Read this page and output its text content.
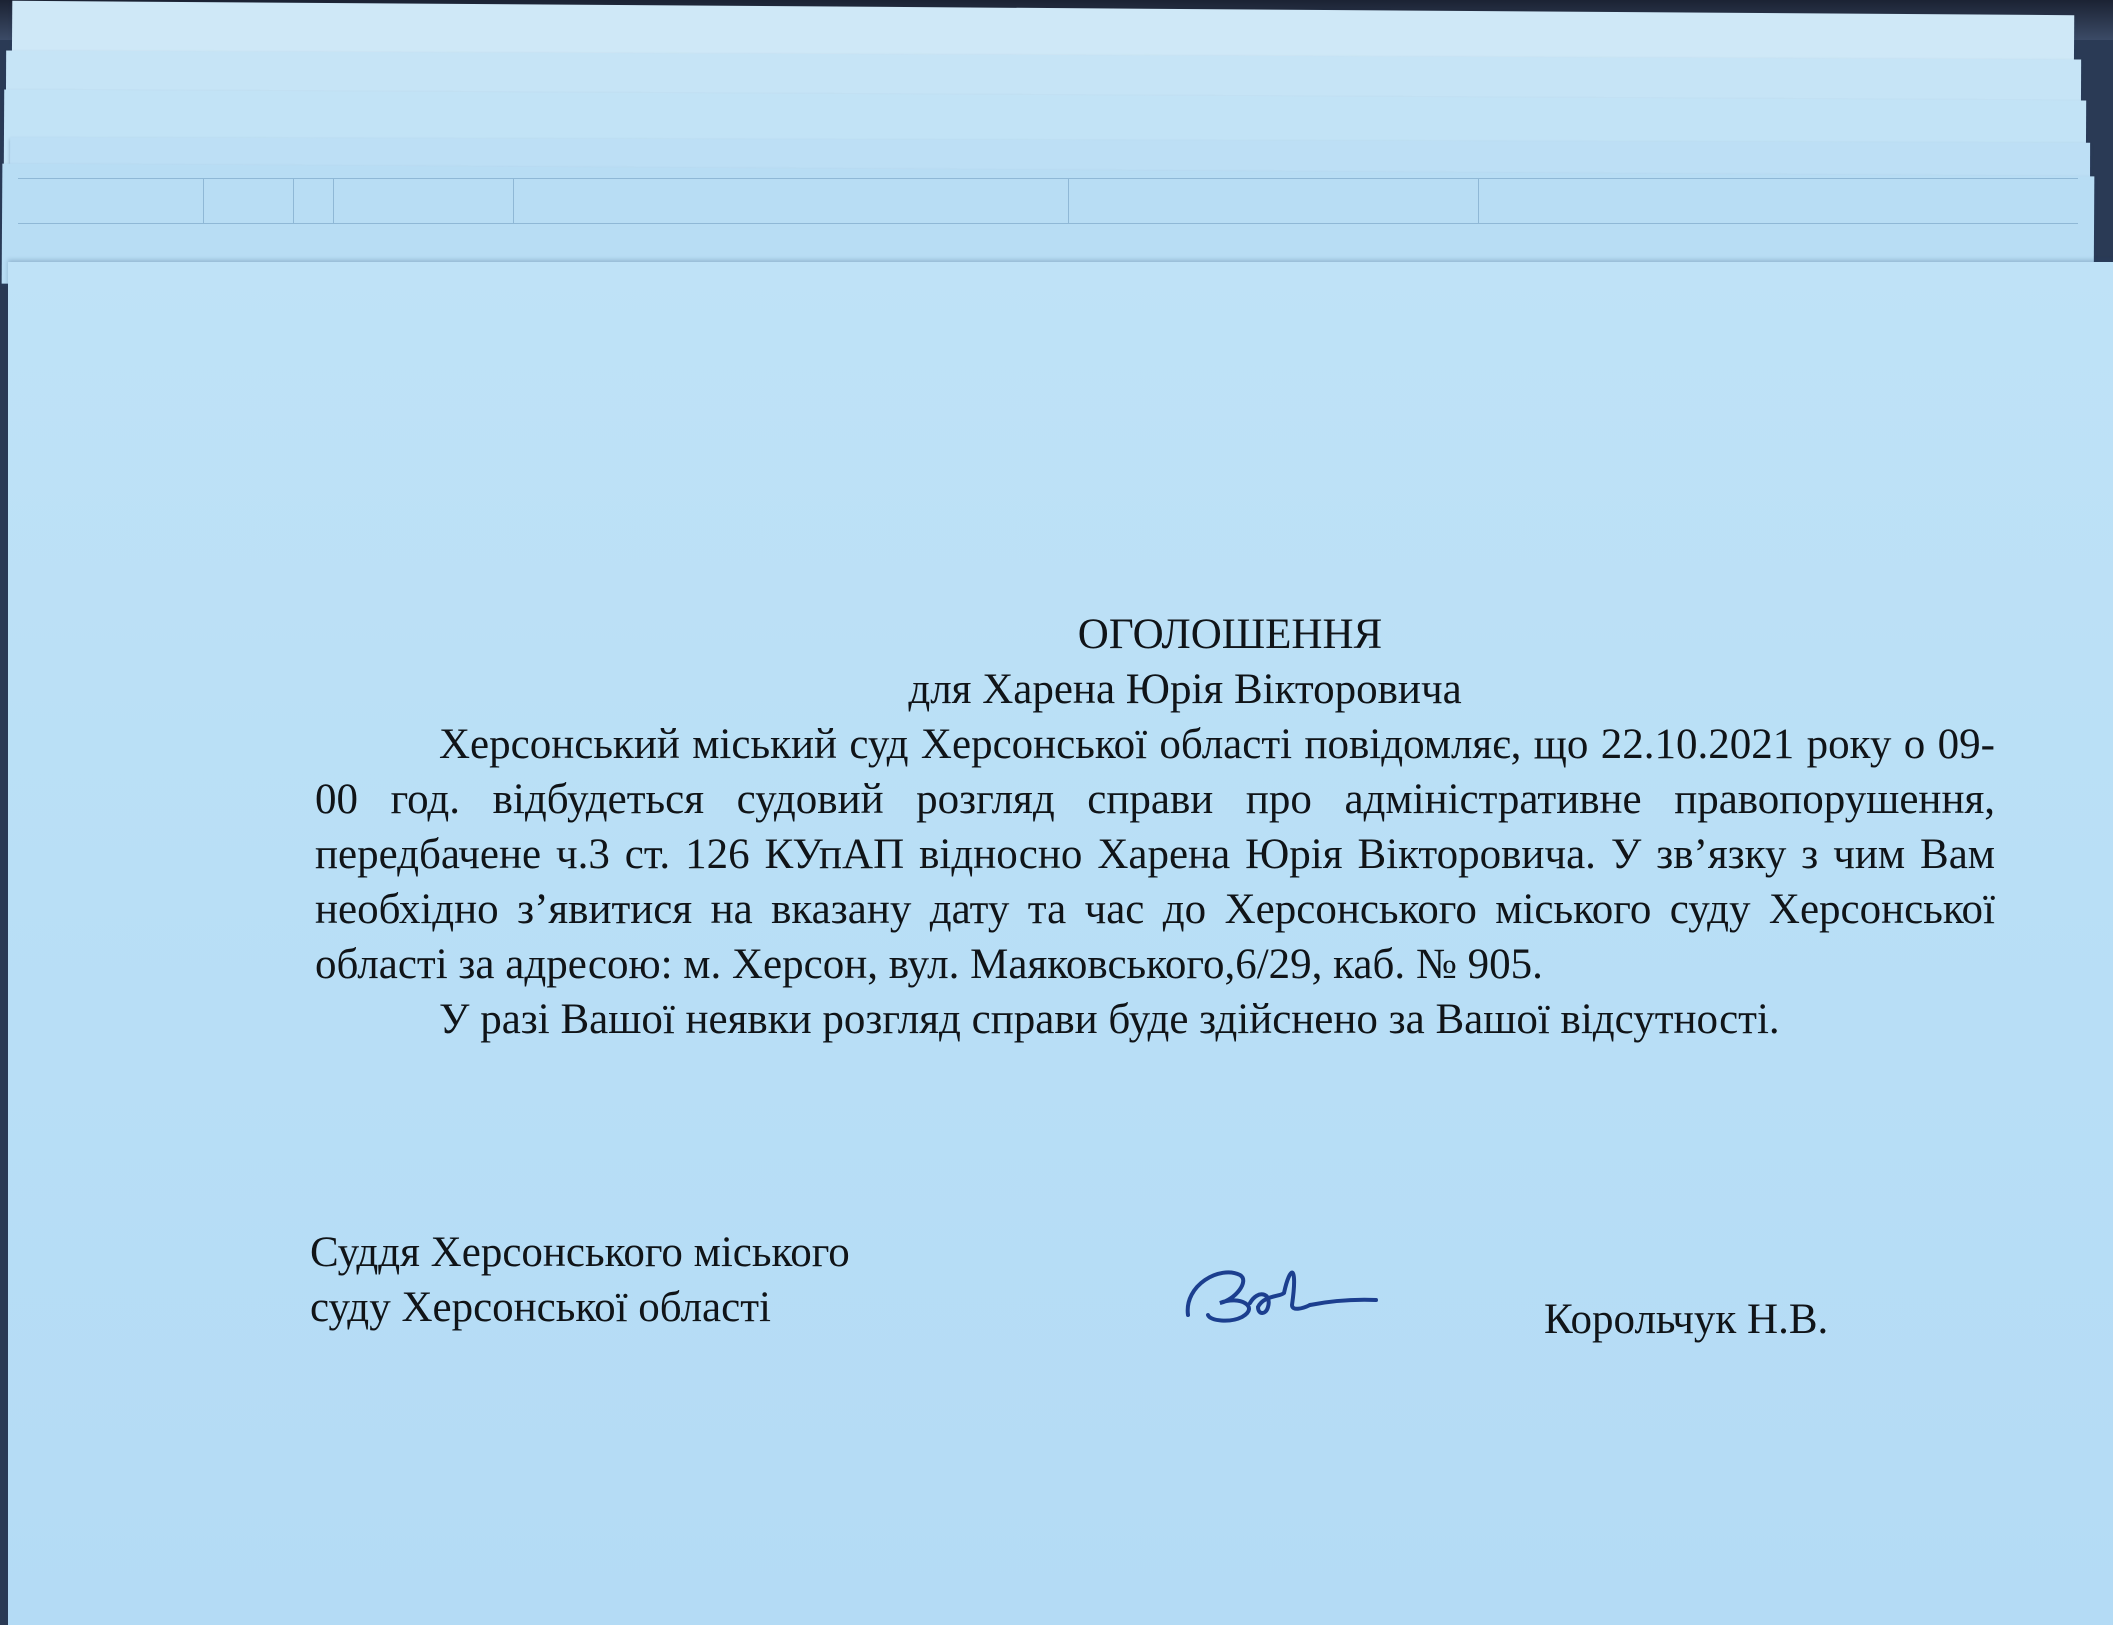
ОГОЛОШЕННЯ

для Харена Юрія Вікторовича

Херсонський міський суд Херсонської області повідомляє, що 22.10.2021 року о 09-00 год. відбудеться судовий розгляд справи про адміністративне правопорушення, передбачене ч.3 ст. 126 КУпАП відносно Харена Юрія Вікторовича. У зв’язку з чим Вам необхідно з’явитися на вказану дату та час до Херсонського міського суду Херсонської області за адресою: м. Херсон, вул. Маяковського,6/29, каб. № 905.

У разі Вашої неявки розгляд справи буде здійснено за Вашої відсутності.

Суддя Херсонського міського
суду Херсонської області	Корольчук Н.В.
